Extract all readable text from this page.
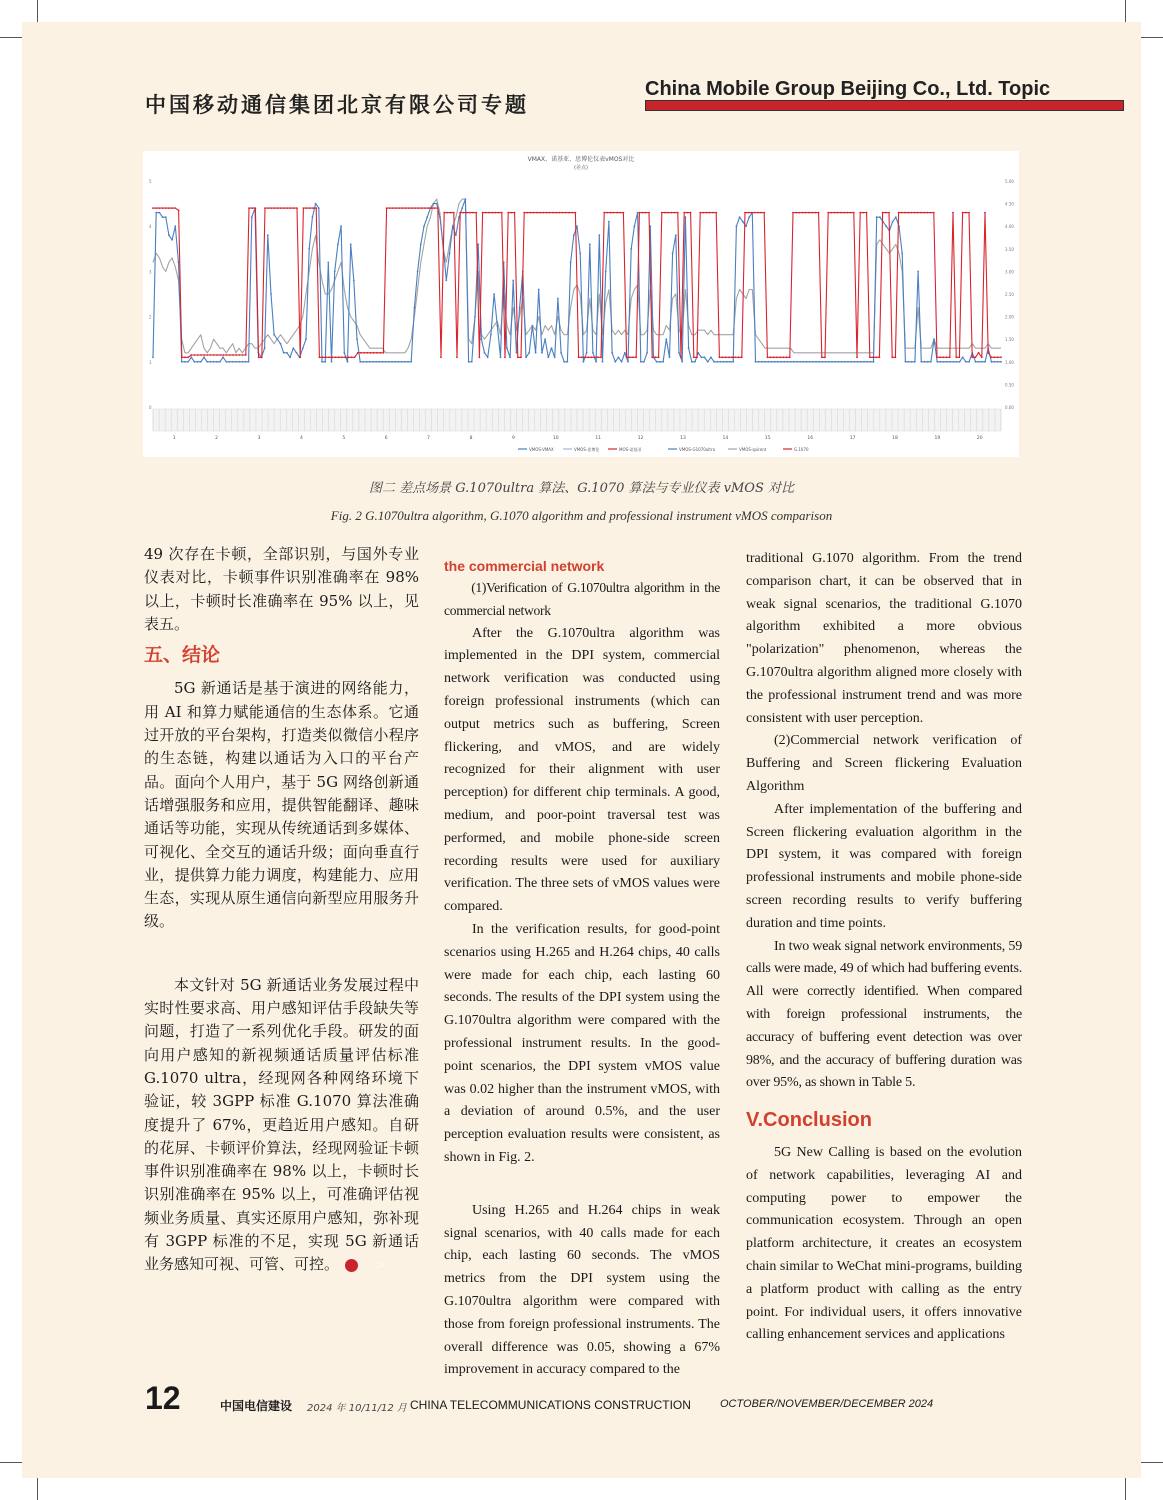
中国移动通信集团北京有限公司专题
China Mobile Group Beijing Co., Ltd. Topic
VMAX、诺基亚、思博伦仪表vMOS对比
(差点)
0
1
2
3
4
5
0.00
0.50
1.00
1.50
2.00
2.50
3.00
3.50
4.00
4.50
5.00
1	2	3	4	5	6	7	8	9	10	11	12	13	14	15	16	17	18	19	20
VMOS-VMAX	VMOS-思博伦	MOS-诺基亚	VMOS-G1070ultra	VMOS-spirent	G.1070
图二 差点场景 G.1070ultra 算法、G.1070 算法与专业仪表 vMOS 对比
Fig. 2 G.1070ultra algorithm, G.1070 algorithm and professional instrument vMOS comparison

49 次存在卡顿，全部识别，与国外专业仪表对比，卡顿事件识别准确率在 98% 以上，卡顿时长准确率在 95% 以上，见表五。

五、结论

5G 新通话是基于演进的网络能力，用 AI 和算力赋能通信的生态体系。它通过开放的平台架构，打造类似微信小程序的生态链，构建以通话为入口的平台产品。面向个人用户，基于 5G 网络创新通话增强服务和应用，提供智能翻译、趣味通话等功能，实现从传统通话到多媒体、可视化、全交互的通话升级；面向垂直行业，提供算力能力调度，构建能力、应用生态，实现从原生通信向新型应用服务升级。

本文针对 5G 新通话业务发展过程中实时性要求高、用户感知评估手段缺失等问题，打造了一系列优化手段。研发的面向用户感知的新视频通话质量评估标准 G.1070 ultra，经现网各种网络环境下验证，较 3GPP 标准 G.1070 算法准确度提升了 67%，更趋近用户感知。自研的花屏、卡顿评价算法，经现网验证卡顿事件识别准确率在 98% 以上，卡顿时长识别准确率在 95% 以上，可准确评估视频业务质量、真实还原用户感知，弥补现有 3GPP 标准的不足，实现 5G 新通话业务感知可视、可管、可控。	CTC

the commercial network

(1)Verification of G.1070ultra algorithm in the commercial network

After the G.1070ultra algorithm was implemented in the DPI system, commercial network verification was conducted using foreign professional instruments (which can output metrics such as buffering, Screen flickering, and vMOS, and are widely recognized for their alignment with user perception) for different chip terminals. A good, medium, and poor-point traversal test was performed, and mobile phone-side screen recording results were used for auxiliary verification. The three sets of vMOS values were compared.

In the verification results, for good-point scenarios using H.265 and H.264 chips, 40 calls were made for each chip, each lasting 60 seconds. The results of the DPI system using the G.1070ultra algorithm were compared with the professional instrument results. In the good-point scenarios, the DPI system vMOS value was 0.02 higher than the instrument vMOS, with a deviation of around 0.5%, and the user perception evaluation results were consistent, as shown in Fig. 2.

Using H.265 and H.264 chips in weak signal scenarios, with 40 calls made for each chip, each lasting 60 seconds. The vMOS metrics from the DPI system using the G.1070ultra algorithm were compared with those from foreign professional instruments. The overall difference was 0.05, showing a 67% improvement in accuracy compared to the

traditional G.1070 algorithm. From the trend comparison chart, it can be observed that in weak signal scenarios, the traditional G.1070 algorithm exhibited a more obvious "polarization" phenomenon, whereas the G.1070ultra algorithm aligned more closely with the professional instrument trend and was more consistent with user perception.

(2)Commercial network verification of Buffering and Screen flickering Evaluation Algorithm

After implementation of the buffering and Screen flickering evaluation algorithm in the DPI system, it was compared with foreign professional instruments and mobile phone-side screen recording results to verify buffering duration and time points.

In two weak signal network environments, 59 calls were made, 49 of which had buffering events. All were correctly identified. When compared with foreign professional instruments, the accuracy of buffering event detection was over 98%, and the accuracy of buffering duration was over 95%, as shown in Table 5.

V.Conclusion

5G New Calling is based on the evolution of network capabilities, leveraging AI and computing power to empower the communication ecosystem. Through an open platform architecture, it creates an ecosystem chain similar to WeChat mini-programs, building a platform product with calling as the entry point. For individual users, it offers innovative calling enhancement services and applications

12	中国电信建设 2024 年 10/11/12 月 CHINA TELECOMMUNICATIONS CONSTRUCTION	OCTOBER/NOVEMBER/DECEMBER 2024
